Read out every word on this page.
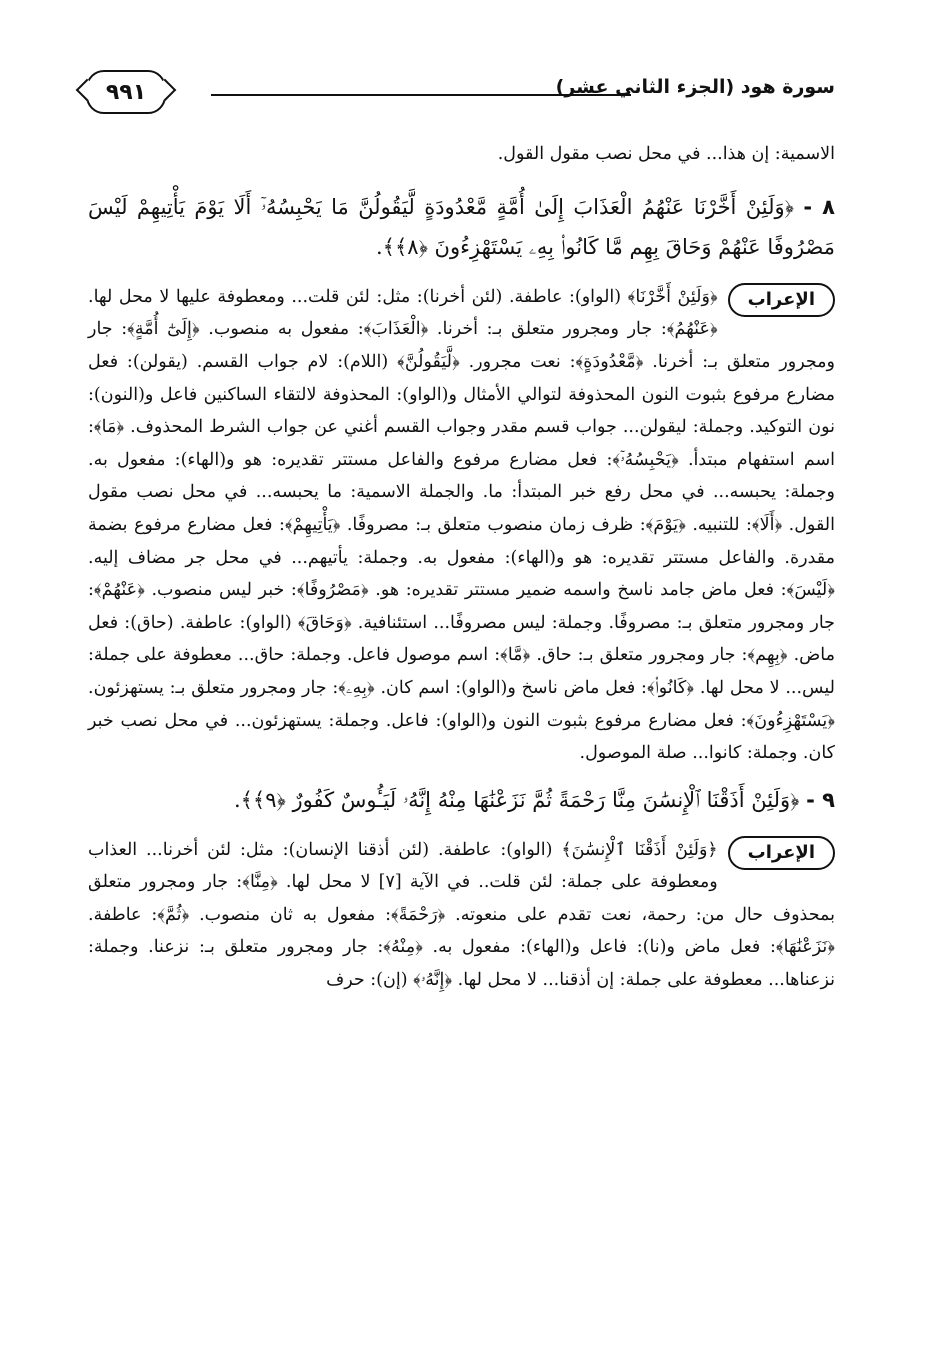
٩٩١	سورة هود (الجزء الثاني عشر)
الاسمية: إن هذا... في محل نصب مقول القول.
٨ - ﴿وَلَئِنْ أَخَّرْنَا عَنْهُمُ الْعَذَابَ إِلَىٰ أُمَّةٍ مَّعْدُودَةٍ لَّيَقُولُنَّ مَا يَحْبِسُهُۥٓ أَلَا يَوْمَ يَأْتِيهِمْ لَيْسَ مَصْرُوفًا عَنْهُمْ وَحَاقَ بِهِم مَّا كَانُوا۟ بِهِۦ يَسْتَهْزِءُونَ ﴿٨﴾﴾.
الإعراب
﴿وَلَئِنْ أَخَّرْنَا﴾ (الواو): عاطفة. (لئن أخرنا): مثل: لئن قلت... ومعطوفة عليها لا محل لها. ﴿عَنْهُمُ﴾: جار ومجرور متعلق بـ: أخرنا. ﴿الْعَذَابَ﴾: مفعول به منصوب. ﴿إِلَىٰٓ أُمَّةٍ﴾: جار ومجرور متعلق بـ: أخرنا. ﴿مَّعْدُودَةٍ﴾: نعت مجرور. ﴿لَّيَقُولُنَّ﴾ (اللام): لام جواب القسم. (يقولن): فعل مضارع مرفوع بثبوت النون المحذوفة لتوالي الأمثال و(الواو): المحذوفة لالتقاء الساكنين فاعل و(النون): نون التوكيد. وجملة: ليقولن... جواب قسم مقدر وجواب القسم أغني عن جواب الشرط المحذوف. ﴿مَا﴾: اسم استفهام مبتدأ. ﴿يَحْبِسُهُۥٓ﴾: فعل مضارع مرفوع والفاعل مستتر تقديره: هو و(الهاء): مفعول به. وجملة: يحبسه... في محل رفع خبر المبتدأ: ما. والجملة الاسمية: ما يحبسه... في محل نصب مقول القول. ﴿أَلَا﴾: للتنبيه. ﴿يَوْمَ﴾: ظرف زمان منصوب متعلق بـ: مصروفًا. ﴿يَأْتِيهِمْ﴾: فعل مضارع مرفوع بضمة مقدرة. والفاعل مستتر تقديره: هو و(الهاء): مفعول به. وجملة: يأتيهم... في محل جر مضاف إليه. ﴿لَيْسَ﴾: فعل ماض جامد ناسخ واسمه ضمير مستتر تقديره: هو. ﴿مَصْرُوفًا﴾: خبر ليس منصوب. ﴿عَنْهُمْ﴾: جار ومجرور متعلق بـ: مصروفًا. وجملة: ليس مصروفًا... استئنافية. ﴿وَحَاقَ﴾ (الواو): عاطفة. (حاق): فعل ماض. ﴿بِهِم﴾: جار ومجرور متعلق بـ: حاق. ﴿مَّا﴾: اسم موصول فاعل. وجملة: حاق... معطوفة على جملة: ليس... لا محل لها. ﴿كَانُوا۟﴾: فعل ماض ناسخ و(الواو): اسم كان. ﴿بِهِۦ﴾: جار ومجرور متعلق بـ: يستهزئون. ﴿يَسْتَهْزِءُونَ﴾: فعل مضارع مرفوع بثبوت النون و(الواو): فاعل. وجملة: يستهزئون... في محل نصب خبر كان. وجملة: كانوا... صلة الموصول.
٩ - ﴿وَلَئِنْ أَذَقْنَا ٱلْإِنسَٰنَ مِنَّا رَحْمَةً ثُمَّ نَزَعْنَٰهَا مِنْهُ إِنَّهُۥ لَيَـُٔوسٌ كَفُورٌ ﴿٩﴾﴾.
الإعراب
﴿وَلَئِنْ أَذَقْنَا ٱلْإِنسَٰنَ﴾ (الواو): عاطفة. (لئن أذقنا الإنسان): مثل: لئن أخرنا... العذاب ومعطوفة على جملة: لئن قلت.. في الآية [٧] لا محل لها. ﴿مِنَّا﴾: جار ومجرور متعلق بمحذوف حال من: رحمة، نعت تقدم على منعوته. ﴿رَحْمَةً﴾: مفعول به ثان منصوب. ﴿ثُمَّ﴾: عاطفة. ﴿نَزَعْنَٰهَا﴾: فعل ماض و(نا): فاعل و(الهاء): مفعول به. ﴿مِنْهُ﴾: جار ومجرور متعلق بـ: نزعنا. وجملة: نزعناها... معطوفة على جملة: إن أذقنا... لا محل لها. ﴿إِنَّهُۥ﴾ (إن): حرف
